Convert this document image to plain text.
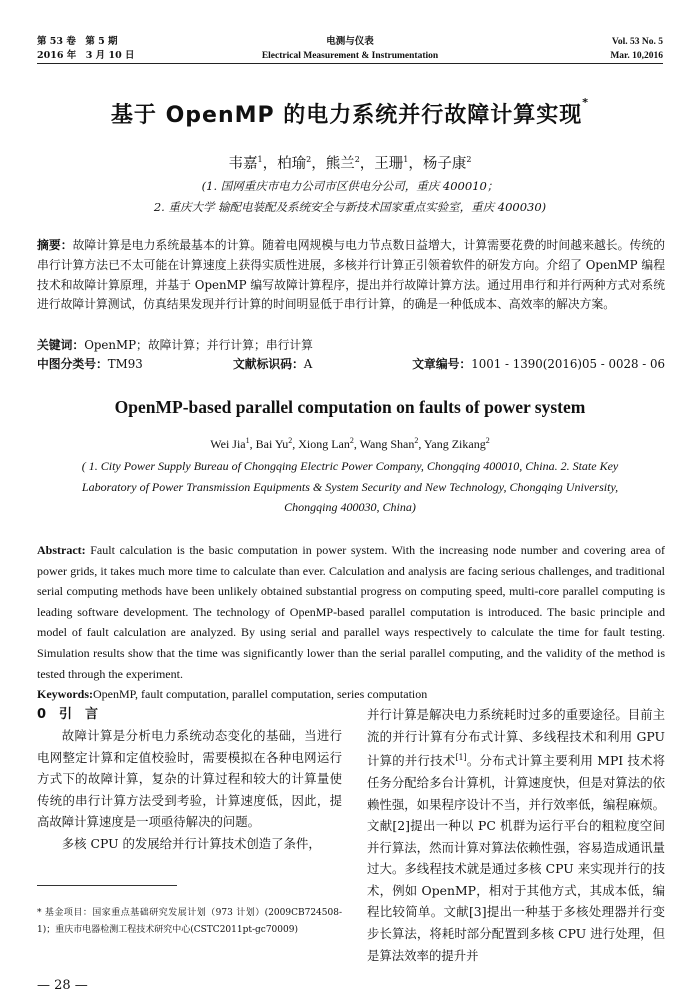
第 53 卷　第 5 期
2016 年　3 月 10 日
电测与仪表
Electrical Measurement & Instrumentation
Vol. 53 No. 5
Mar. 10,2016
基于 OpenMP 的电力系统并行故障计算实现*
韦嘉$^1$，柏瑜$^2$，熊兰$^2$，王珊$^1$，杨子康$^2$
(1. 国网重庆市电力公司市区供电分公司，重庆 400010；
2. 重庆大学 输配电装配及系统安全与新技术国家重点实验室，重庆 400030)
摘要：故障计算是电力系统最基本的计算。随着电网规模与电力节点数日益增大，计算需要花费的时间越来越长。传统的串行计算方法已不太可能在计算速度上获得实质性进展，多核并行计算正引领着软件的研发方向。介绍了 OpenMP 编程技术和故障计算原理，并基于 OpenMP 编写故障计算程序，提出并行故障计算方法。通过用串行和并行两种方式对系统进行故障计算测试，仿真结果发现并行计算的时间明显低于串行计算，的确是一种低成本、高效率的解决方案。
关键词：OpenMP；故障计算；并行计算；串行计算
中图分类号：TM93	文献标识码：A	文章编号：1001 - 1390(2016)05 - 0028 - 06
OpenMP-based parallel computation on faults of power system
Wei Jia$^1$, Bai Yu$^2$, Xiong Lan$^2$, Wang Shan$^2$, Yang Zikang$^2$
( 1. City Power Supply Bureau of Chongqing Electric Power Company, Chongqing 400010, China. 2. State Key Laboratory of Power Transmission Equipments & System Security and New Technology, Chongqing University, Chongqing 400030, China)
Abstract: Fault calculation is the basic computation in power system. With the increasing node number and covering area of power grids, it takes much more time to calculate than ever. Calculation and analysis are facing serious challenges, and traditional serial computing methods have been unlikely obtained substantial progress on computing speed, multi-core parallel computing is leading software development. The technology of OpenMP-based parallel computation is introduced. The basic principle and model of fault calculation are analyzed. By using serial and parallel ways respectively to calculate the time for fault testing. Simulation results show that the time was significantly lower than the serial parallel computing, and the validity of the method is tested through the experiment.
Keywords:OpenMP, fault computation, parallel computation, series computation
0　引　言

故障计算是分析电力系统动态变化的基础，当进行电网整定计算和定值校验时，需要模拟在各种电网运行方式下的故障计算，复杂的计算过程和较大的计算量使传统的串行计算方法受到考验，计算速度低，因此，提高故障计算速度是一项亟待解决的问题。

多核 CPU 的发展给并行计算技术创造了条件，

并行计算是解决电力系统耗时过多的重要途径。目前主流的并行计算有分布式计算、多线程技术和利用 GPU 计算的并行技术[1]。分布式计算主要利用 MPI 技术将任务分配给多台计算机，计算速度快，但是对算法的依赖性强，如果程序设计不当，并行效率低，编程麻烦。文献[2]提出一种以 PC 机群为运行平台的粗粒度空间并行算法，然而计算对算法依赖性强，容易造成通讯量过大。多线程技术就是通过多核 CPU 来实现并行的技术，例如 OpenMP，相对于其他方式，其成本低，编程比较简单。文献[3]提出一种基于多核处理器并行变步长算法，将耗时部分配置到多核 CPU 进行处理，但是算法效率的提升并
* 基金项目：国家重点基础研究发展计划（973 计划）(2009CB724508-1)；重庆市电器检测工程技术研究中心(CSTC2011pt-gc70009)
— 28 —
